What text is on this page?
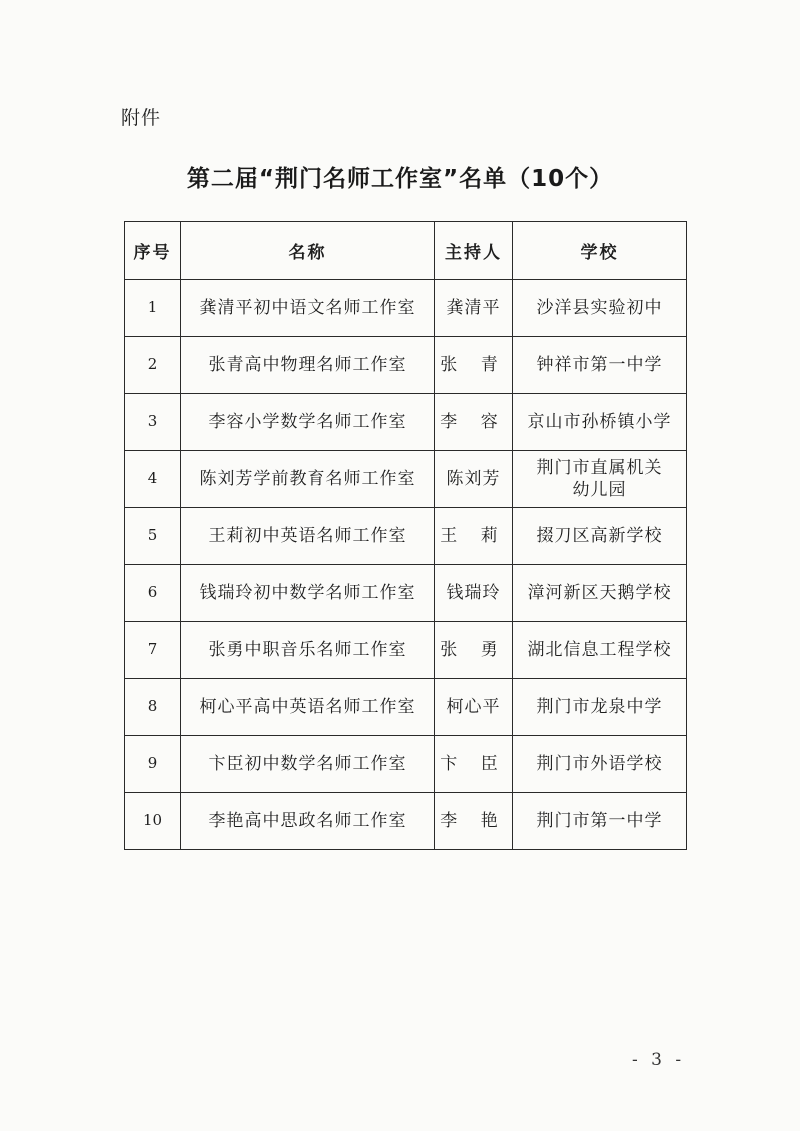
附件
第二届“荆门名师工作室”名单（10个）
序号	名称	主持人	学校
1	龚清平初中语文名师工作室	龚清平	沙洋县实验初中
2	张青高中物理名师工作室	张 青	钟祥市第一中学
3	李容小学数学名师工作室	李 容	京山市孙桥镇小学
4	陈刘芳学前教育名师工作室	陈刘芳	荆门市直属机关幼儿园
5	王莉初中英语名师工作室	王 莉	掇刀区高新学校
6	钱瑞玲初中数学名师工作室	钱瑞玲	漳河新区天鹅学校
7	张勇中职音乐名师工作室	张 勇	湖北信息工程学校
8	柯心平高中英语名师工作室	柯心平	荆门市龙泉中学
9	卞臣初中数学名师工作室	卞 臣	荆门市外语学校
10	李艳高中思政名师工作室	李 艳	荆门市第一中学
- 3 -
